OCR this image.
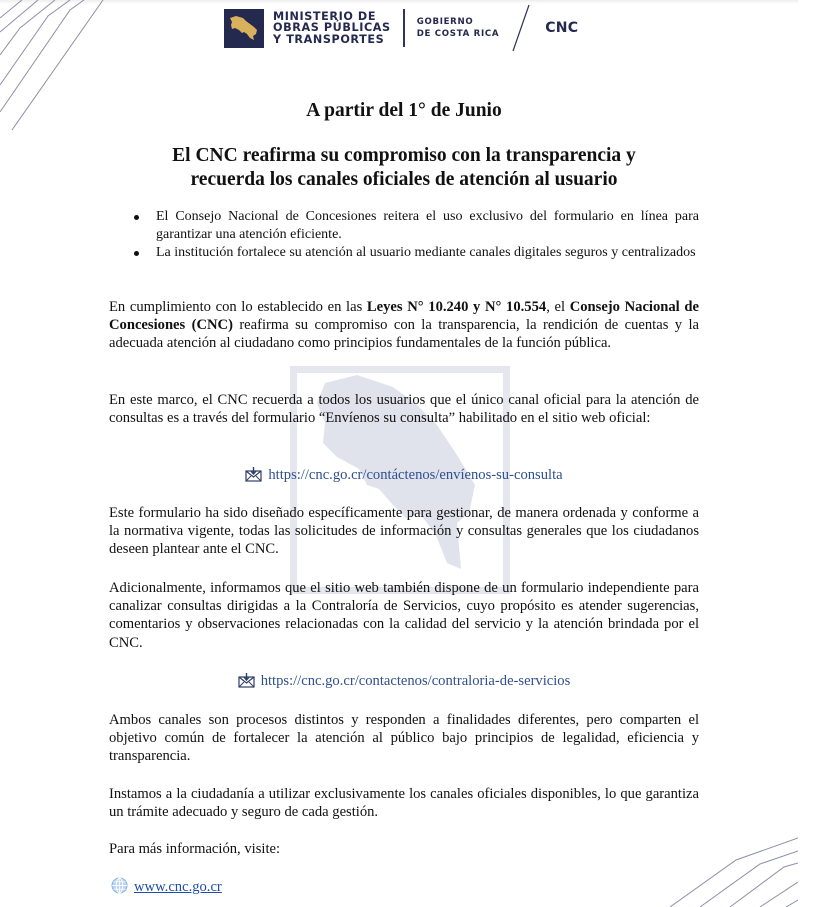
MINISTERIO DE
OBRAS PÚBLICAS
Y TRANSPORTES
GOBIERNO
DE COSTA RICA	CNC
A partir del 1° de Junio
El CNC reafirma su compromiso con la transparencia y
recuerda los canales oficiales de atención al usuario
El Consejo Nacional de Concesiones reitera el uso exclusivo del formulario en línea para garantizar una atención eficiente.
La institución fortalece su atención al usuario mediante canales digitales seguros y centralizados

En cumplimiento con lo establecido en las Leyes N° 10.240 y N° 10.554, el Consejo Nacional de Concesiones (CNC) reafirma su compromiso con la transparencia, la rendición de cuentas y la adecuada atención al ciudadano como principios fundamentales de la función pública.

En este marco, el CNC recuerda a todos los usuarios que el único canal oficial para la atención de consultas es a través del formulario “Envíenos su consulta” habilitado en el sitio web oficial:

https://cnc.go.cr/contáctenos/envíenos-su-consulta

Este formulario ha sido diseñado específicamente para gestionar, de manera ordenada y conforme a la normativa vigente, todas las solicitudes de información y consultas generales que los ciudadanos deseen plantear ante el CNC.

Adicionalmente, informamos que el sitio web también dispone de un formulario independiente para canalizar consultas dirigidas a la Contraloría de Servicios, cuyo propósito es atender sugerencias, comentarios y observaciones relacionadas con la calidad del servicio y la atención brindada por el CNC.

https://cnc.go.cr/contactenos/contraloria-de-servicios

Ambos canales son procesos distintos y responden a finalidades diferentes, pero comparten el objetivo común de fortalecer la atención al público bajo principios de legalidad, eficiencia y transparencia.

Instamos a la ciudadanía a utilizar exclusivamente los canales oficiales disponibles, lo que garantiza un trámite adecuado y seguro de cada gestión.

Para más información, visite:

www.cnc.go.cr
